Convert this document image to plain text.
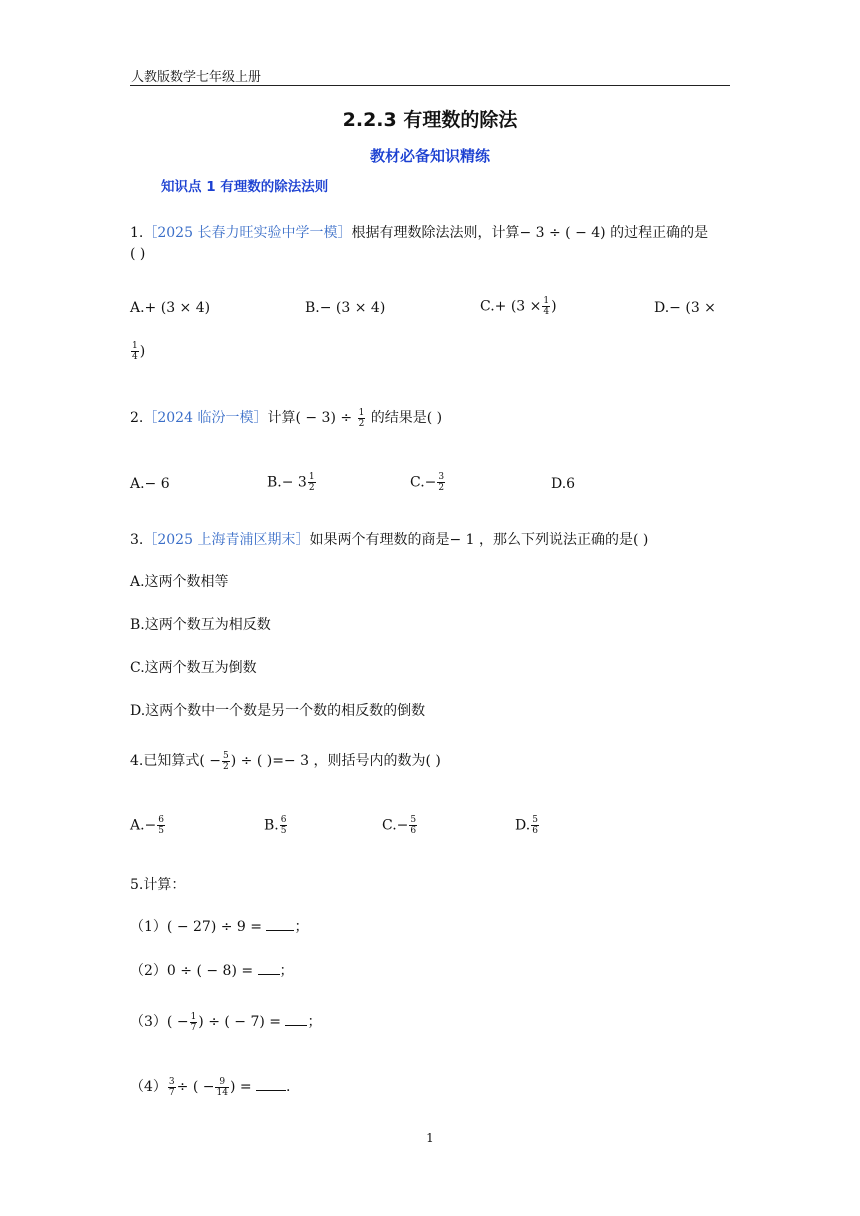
人教版数学七年级上册
2.2.3 有理数的除法
教材必备知识精练
知识点 1 有理数的除法法则
1.［2025 长春力旺实验中学一模］根据有理数除法法则，计算− 3 ÷ ( − 4) 的过程正确的是
( )
A.+ (3 × 4)	B.− (3 × 4)	$C.+ (3 \times \frac{1}{4}$ )	D.− (3 ×
$\frac{1}{4}$ )
2.［2024 临汾一模］计算( − $3) \div \frac{1}{2}$ 的结果是( )
A.− 6	$B.- 3 \frac{1}{2}$	$C.- \frac{3}{2}$	D.6
3.［2025 上海青浦区期末］如果两个有理数的商是− 1 ，那么下列说法正确的是( )
A.这两个数相等
B.这两个数互为相反数
C.这两个数互为倒数
D.这两个数中一个数是另一个数的相反数的倒数
4.已知算式( − $\frac{5}{2}$ ) ÷ ( )=− 3 ，则括号内的数为( )
$A.- \frac{6}{5}$	B. $\frac{6}{5}$	$C.- \frac{5}{6}$	D. $\frac{5}{6}$
5.计算：
（1）( − 27) ÷ 9 = ；
（2）0 ÷ ( − 8) = ；
$(3)( - \frac{1}{7}$ ) ÷ ( − 7) = ；
$(4) \frac{3}{7}$ ÷ ( − $\frac{9}{14}$ ) = .
1
